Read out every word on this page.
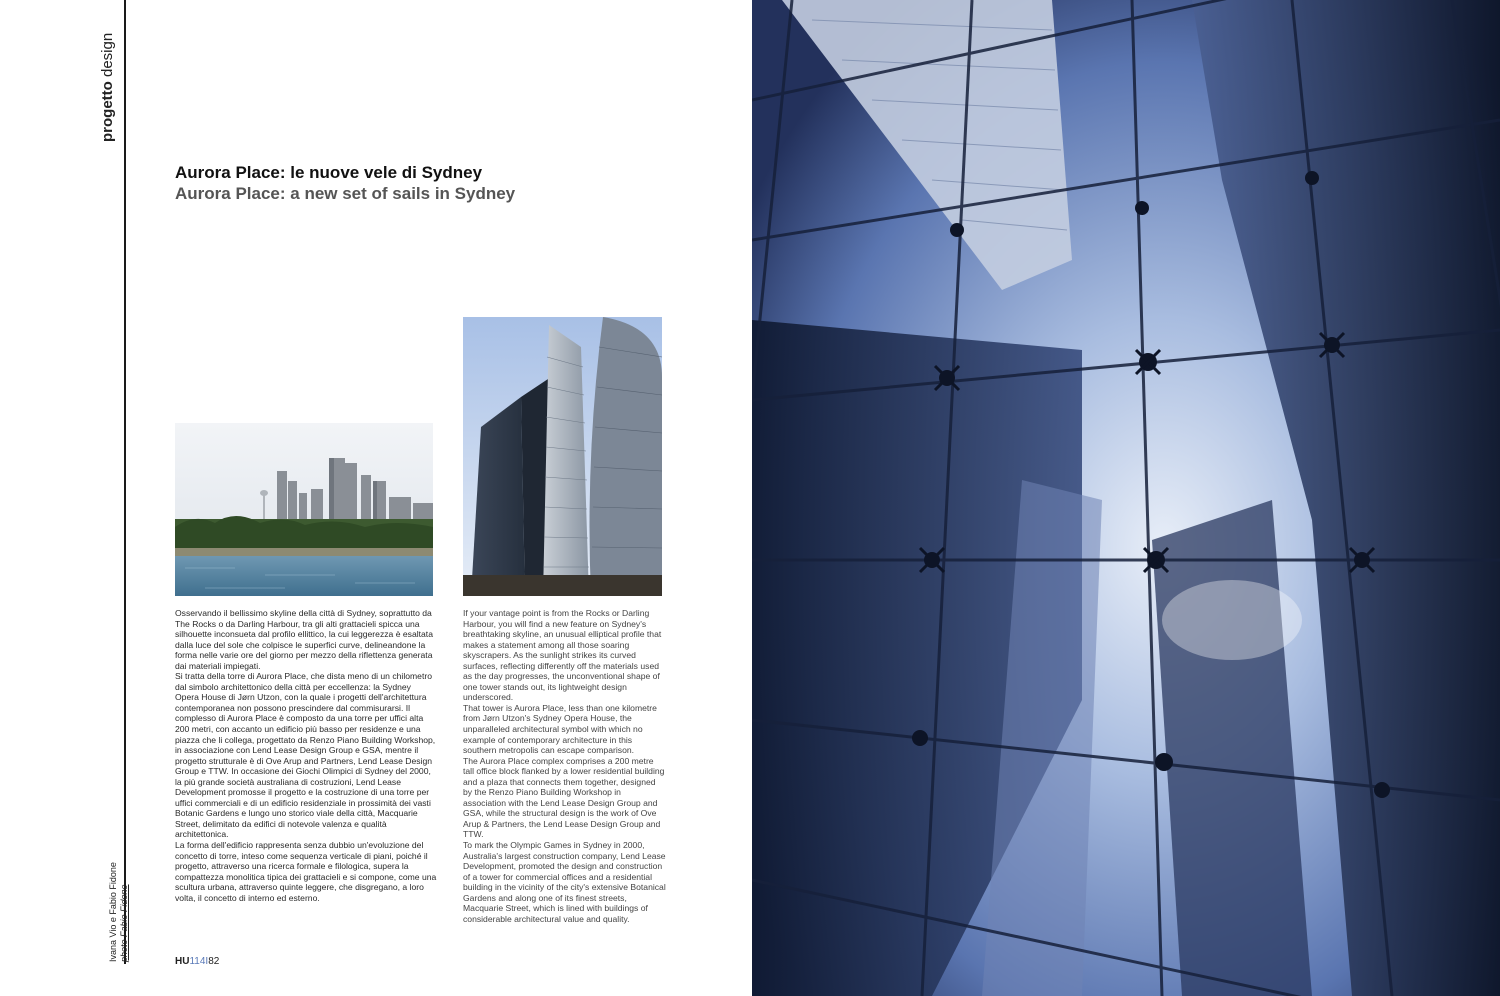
progetto design
Aurora Place: le nuove vele di Sydney
Aurora Place: a new set of sails in Sydney

Osservando il bellissimo skyline della città di Sydney, soprattutto da The Rocks o da Darling Harbour, tra gli alti grattacieli spicca una silhouette inconsueta dal profilo ellittico, la cui leggerezza è esaltata dalla luce del sole che colpisce le superfici curve, delineandone la forma nelle varie ore del giorno per mezzo della riflettenza generata dai materiali impiegati.

Si tratta della torre di Aurora Place, che dista meno di un chilometro dal simbolo architettonico della città per eccellenza: la Sydney Opera House di Jørn Utzon, con la quale i progetti dell'architettura contemporanea non possono prescindere dal commisurarsi. Il complesso di Aurora Place è composto da una torre per uffici alta 200 metri, con accanto un edificio più basso per residenze e una piazza che li collega, progettato da Renzo Piano Building Workshop, in associazione con Lend Lease Design Group e GSA, mentre il progetto strutturale è di Ove Arup and Partners, Lend Lease Design Group e TTW. In occasione dei Giochi Olimpici di Sydney del 2000, la più grande società australiana di costruzioni, Lend Lease Development promosse il progetto e la costruzione di una torre per uffici commerciali e di un edificio residenziale in prossimità dei vasti Botanic Gardens e lungo uno storico viale della città, Macquarie Street, delimitato da edifici di notevole valenza e qualità architettonica.

La forma dell'edificio rappresenta senza dubbio un'evoluzione del concetto di torre, inteso come sequenza verticale di piani, poiché il progetto, attraverso una ricerca formale e filologica, supera la compattezza monolitica tipica dei grattacieli e si compone, come una scultura urbana, attraverso quinte leggere, che disgregano, a loro volta, il concetto di interno ed esterno.

If your vantage point is from the Rocks or Darling Harbour, you will find a new feature on Sydney's breathtaking skyline, an unusual elliptical profile that makes a statement among all those soaring skyscrapers. As the sunlight strikes its curved surfaces, reflecting differently off the materials used as the day progresses, the unconventional shape of one tower stands out, its lightweight design underscored.

That tower is Aurora Place, less than one kilometre from Jørn Utzon's Sydney Opera House, the unparalleled architectural symbol with which no example of contemporary architecture in this southern metropolis can escape comparison.

The Aurora Place complex comprises a 200 metre tall office block flanked by a lower residential building and a plaza that connects them together, designed by the Renzo Piano Building Workshop in association with the Lend Lease Design Group and GSA, while the structural design is the work of Ove Arup & Partners, the Lend Lease Design Group and TTW.

To mark the Olympic Games in Sydney in 2000, Australia's largest construction company, Lend Lease Development, promoted the design and construction of a tower for commercial offices and a residential building in the vicinity of the city's extensive Botanical Gardens and along one of its finest streets, Macquarie Street, which is lined with buildings of considerable architectural value and quality.

Ivana Vio e Fabio Fidone photo Fabio Fidone	HU114I82
